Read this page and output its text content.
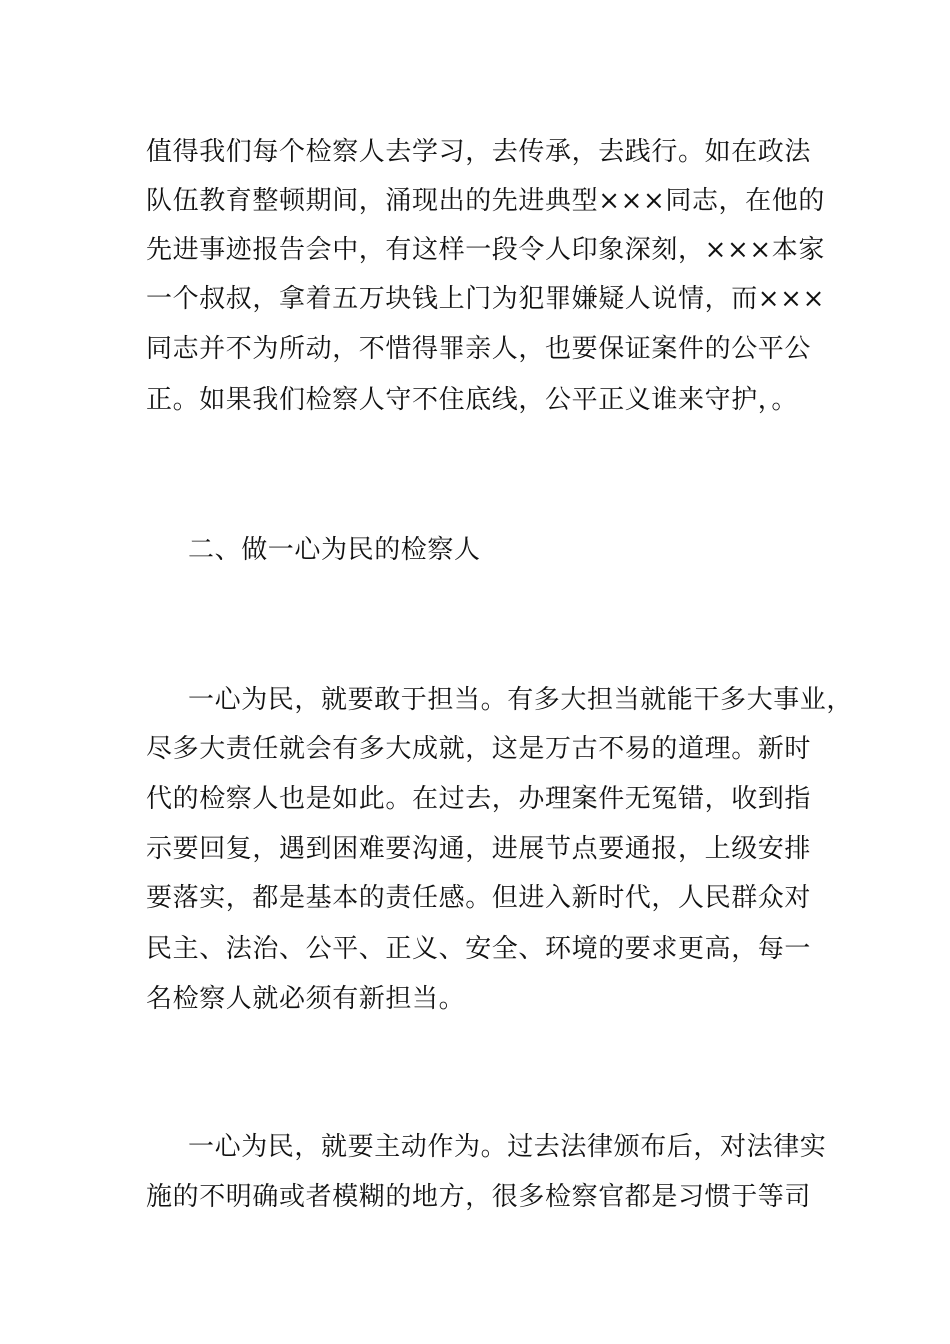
值得我们每个检察人去学习，去传承，去践行。如在政法
队伍教育整顿期间，涌现出的先进典型×××同志，在他的
先进事迹报告会中，有这样一段令人印象深刻，×××本家
一个叔叔，拿着五万块钱上门为犯罪嫌疑人说情，而×××
同志并不为所动，不惜得罪亲人，也要保证案件的公平公
正。如果我们检察人守不住底线，公平正义谁来守护，。
二、做一心为民的检察人
一心为民，就要敢于担当。有多大担当就能干多大事业，
尽多大责任就会有多大成就，这是万古不易的道理。新时
代的检察人也是如此。在过去，办理案件无冤错，收到指
示要回复，遇到困难要沟通，进展节点要通报，上级安排
要落实，都是基本的责任感。但进入新时代，人民群众对
民主、法治、公平、正义、安全、环境的要求更高，每一
名检察人就必须有新担当。
一心为民，就要主动作为。过去法律颁布后，对法律实
施的不明确或者模糊的地方，很多检察官都是习惯于等司
